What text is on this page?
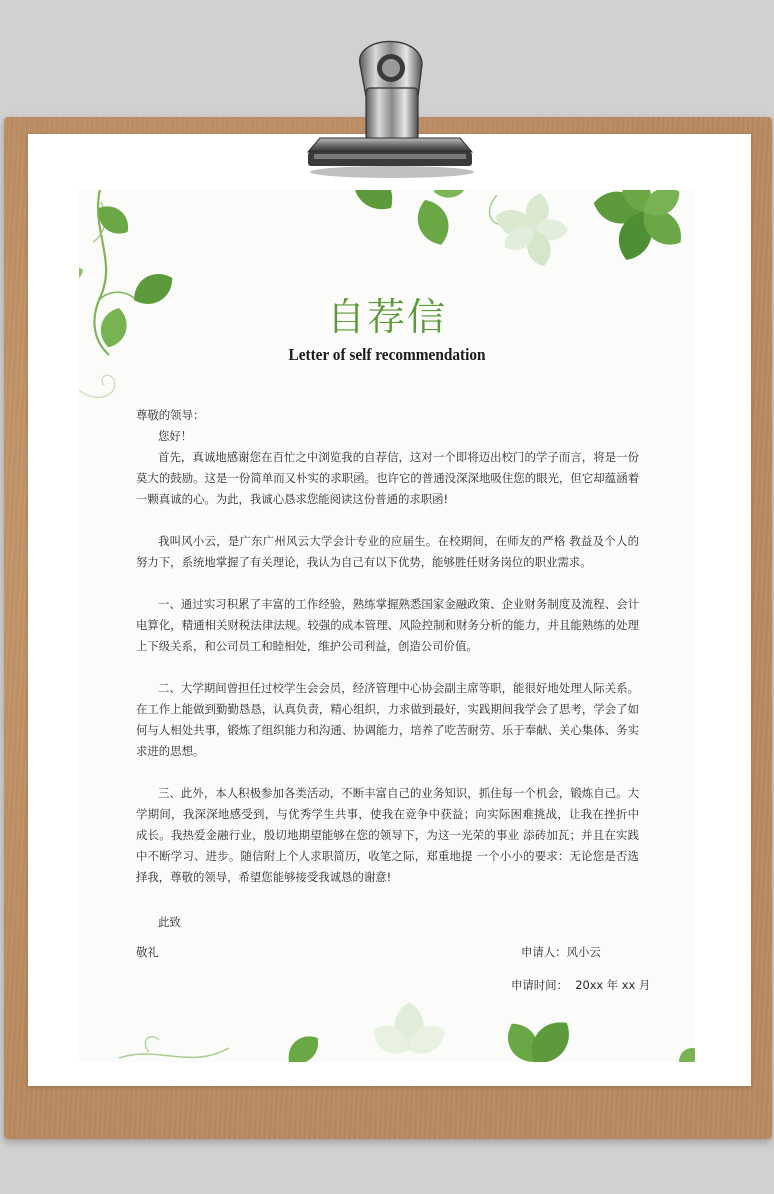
自荐信
Letter of self recommendation

尊敬的领导：

您好！

首先，真诚地感谢您在百忙之中浏览我的自荐信，这对一个即将迈出校门的学子而言，将是一份莫大的鼓励。这是一份简单而又朴实的求职函。也许它的普通没深深地吸住您的眼光，但它却蕴涵着一颗真诚的心。为此，我诚心恳求您能阅读这份普通的求职函!

我叫风小云，是广东广州风云大学会计专业的应届生。在校期间，在师友的严格 教益及个人的努力下，系统地掌握了有关理论，我认为自己有以下优势，能够胜任财务岗位的职业需求。

一、通过实习积累了丰富的工作经验，熟练掌握熟悉国家金融政策、企业财务制度及流程、会计电算化，精通相关财税法律法规。较强的成本管理、风险控制和财务分析的能力，并且能熟练的处理上下级关系，和公司员工和睦相处，维护公司利益，创造公司价值。

二、大学期间曾担任过校学生会会员，经济管理中心协会副主席等职，能很好地处理人际关系。在工作上能做到勤勤恳恳，认真负责，精心组织，力求做到最好，实践期间我学会了思考，学会了如何与人相处共事，锻炼了组织能力和沟通、协调能力，培养了吃苦耐劳、乐于奉献、关心集体、务实求进的思想。

三、此外，本人积极参加各类活动，不断丰富自己的业务知识，抓住每一个机会，锻炼自己。大学期间，我深深地感受到，与优秀学生共事，使我在竞争中获益；向实际困难挑战，让我在挫折中 成长。我热爱金融行业，殷切地期望能够在您的领导下，为这一光荣的事业 添砖加瓦；并且在实践中不断学习、进步。随信附上个人求职简历，收笔之际，郑重地提 一个小小的要求：无论您是否选择我，尊敬的领导，希望您能够接受我诚恳的谢意!

此致

敬礼	申请人：风小云
申请时间：  20xx 年 xx 月
